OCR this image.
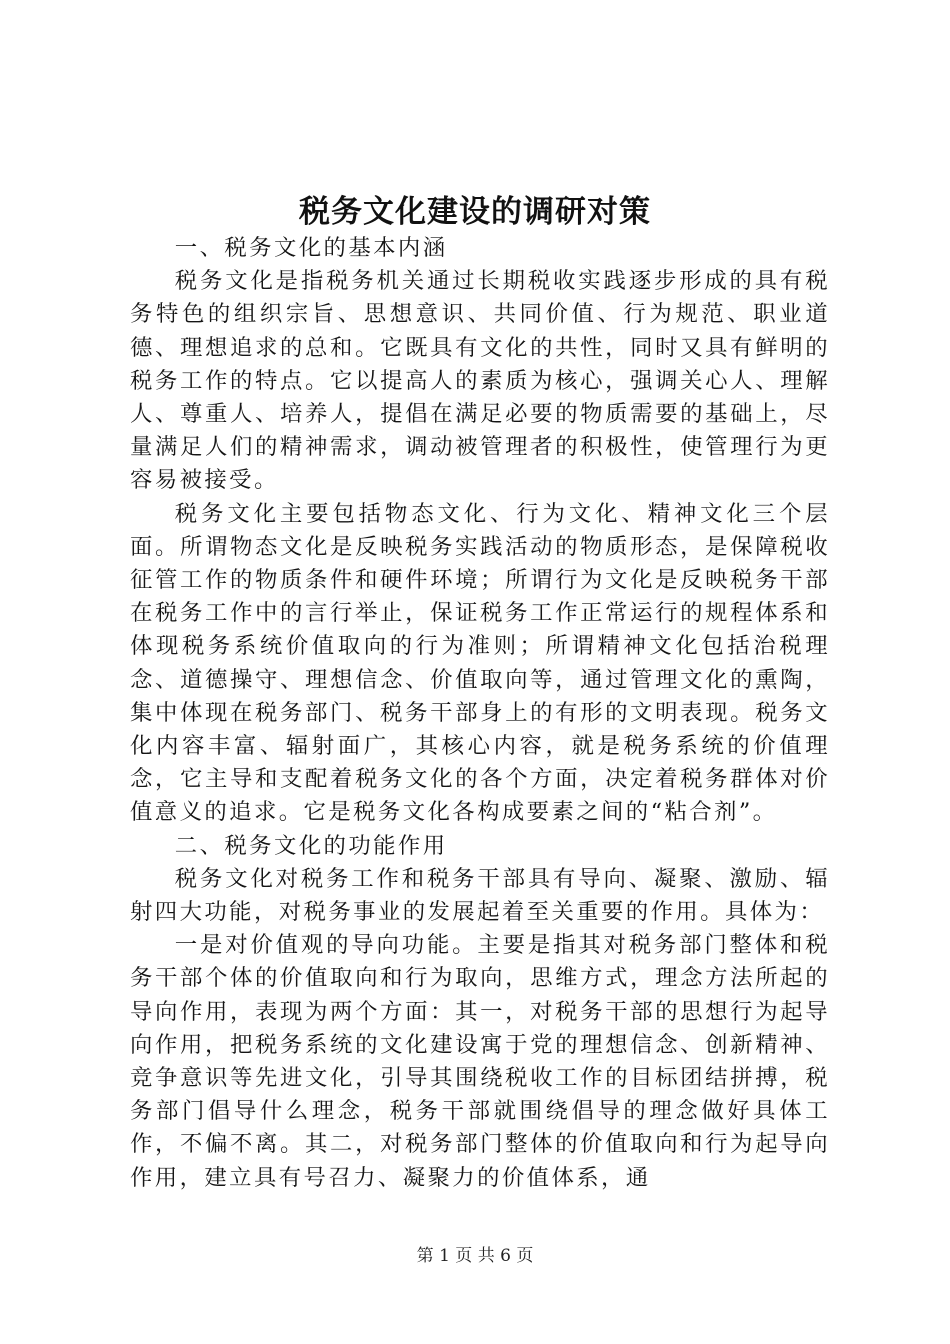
税务文化建设的调研对策

一、税务文化的基本内涵

税务文化是指税务机关通过长期税收实践逐步形成的具有税务特色的组织宗旨、思想意识、共同价值、行为规范、职业道德、理想追求的总和。它既具有文化的共性，同时又具有鲜明的税务工作的特点。它以提高人的素质为核心，强调关心人、理解人、尊重人、培养人，提倡在满足必要的物质需要的基础上，尽量满足人们的精神需求，调动被管理者的积极性，使管理行为更容易被接受。

税务文化主要包括物态文化、行为文化、精神文化三个层面。所谓物态文化是反映税务实践活动的物质形态，是保障税收征管工作的物质条件和硬件环境；所谓行为文化是反映税务干部在税务工作中的言行举止，保证税务工作正常运行的规程体系和体现税务系统价值取向的行为准则；所谓精神文化包括治税理念、道德操守、理想信念、价值取向等，通过管理文化的熏陶，集中体现在税务部门、税务干部身上的有形的文明表现。税务文化内容丰富、辐射面广，其核心内容，就是税务系统的价值理念，它主导和支配着税务文化的各个方面，决定着税务群体对价值意义的追求。它是税务文化各构成要素之间的“粘合剂”。

二、税务文化的功能作用

税务文化对税务工作和税务干部具有导向、凝聚、激励、辐射四大功能，对税务事业的发展起着至关重要的作用。具体为：

一是对价值观的导向功能。主要是指其对税务部门整体和税务干部个体的价值取向和行为取向，思维方式，理念方法所起的导向作用，表现为两个方面：其一，对税务干部的思想行为起导向作用，把税务系统的文化建设寓于党的理想信念、创新精神、竞争意识等先进文化，引导其围绕税收工作的目标团结拼搏，税务部门倡导什么理念，税务干部就围绕倡导的理念做好具体工作，不偏不离。其二，对税务部门整体的价值取向和行为起导向作用，建立具有号召力、凝聚力的价值体系，通

第 1 页 共 6 页
